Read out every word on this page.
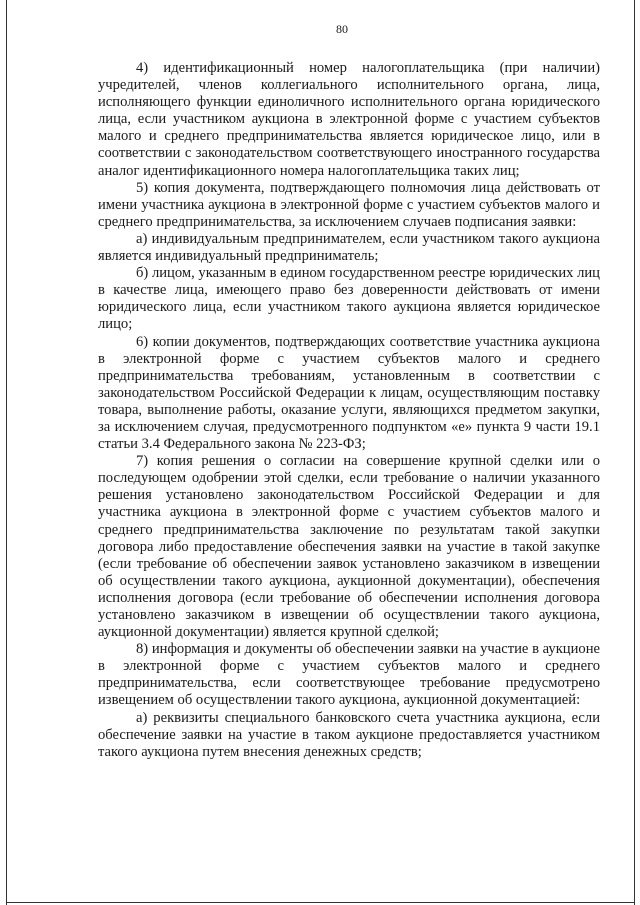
80

4) идентификационный номер налогоплательщика (при наличии) учредителей, членов коллегиального исполнительного органа, лица, исполняющего функции единоличного исполнительного органа юридического лица, если участником аукциона в электронной форме с участием субъектов малого и среднего предпринимательства является юридическое лицо, или в соответствии с законодательством соответствующего иностранного государства аналог идентификационного номера налогоплательщика таких лиц;

5) копия документа, подтверждающего полномочия лица действовать от имени участника аукциона в электронной форме с участием субъектов малого и среднего предпринимательства, за исключением случаев подписания заявки:

а) индивидуальным предпринимателем, если участником такого аукциона является индивидуальный предприниматель;

б) лицом, указанным в едином государственном реестре юридических лиц в качестве лица, имеющего право без доверенности действовать от имени юридического лица, если участником такого аукциона является юридическое лицо;

6) копии документов, подтверждающих соответствие участника аукциона в электронной форме с участием субъектов малого и среднего предпринимательства требованиям, установленным в соответствии с законодательством Российской Федерации к лицам, осуществляющим поставку товара, выполнение работы, оказание услуги, являющихся предметом закупки, за исключением случая, предусмотренного подпунктом «е» пункта 9 части 19.1 статьи 3.4 Федерального закона № 223-ФЗ;

7) копия решения о согласии на совершение крупной сделки или о последующем одобрении этой сделки, если требование о наличии указанного решения установлено законодательством Российской Федерации и для участника аукциона в электронной форме с участием субъектов малого и среднего предпринимательства заключение по результатам такой закупки договора либо предоставление обеспечения заявки на участие в такой закупке (если требование об обеспечении заявок установлено заказчиком в извещении об осуществлении такого аукциона, аукционной документации), обеспечения исполнения договора (если требование об обеспечении исполнения договора установлено заказчиком в извещении об осуществлении такого аукциона, аукционной документации) является крупной сделкой;

8) информация и документы об обеспечении заявки на участие в аукционе в электронной форме с участием субъектов малого и среднего предпринимательства, если соответствующее требование предусмотрено извещением об осуществлении такого аукциона, аукционной документацией:

а) реквизиты специального банковского счета участника аукциона, если обеспечение заявки на участие в таком аукционе предоставляется участником такого аукциона путем внесения денежных средств;
